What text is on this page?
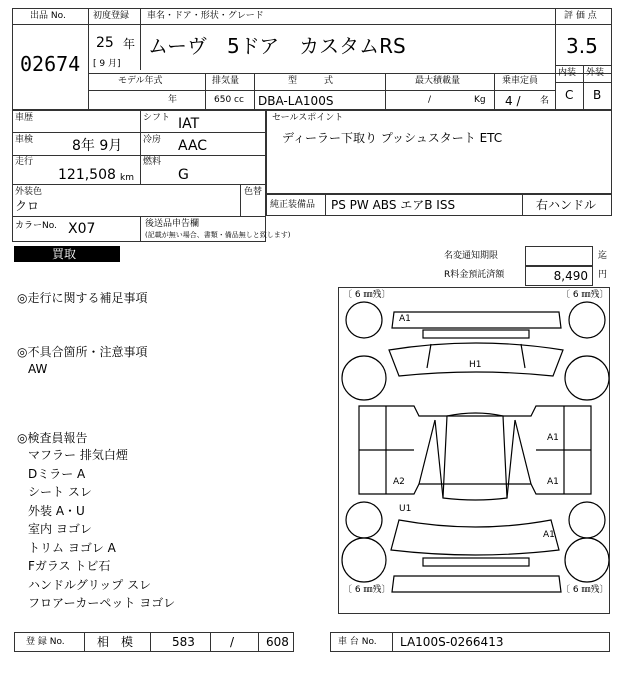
出品 No.
02674
初度登録
25 年
[ 9 月]
車名・ドア・形状・グレード
ムーヴ　5ドア　カスタムRS
評 価 点
3.5
内装 外装
C B
モデル年式
年
排気量
650 cc
型　　　式
DBA-LA100S
最大積載量
/	Kg
乗車定員
4 / 名
車歴	シフト IAT
車検	8年 9月 冷房 AAC
走行
121,508 km
燃料
G
セールスポイント
ディーラー下取り プッシュスタート ETC
外装色
クロ
色替
純正装備品 PS PW ABS エアB ISS	右ハンドル
カラーNo. X07	後送品申告欄
(記載が無い場合、書類・備品無しと致します)
買取	名変通知期限	迄
R料金預託済額	8,490 円
◎走行に関する補足事項
◎不具合箇所・注意事項
AW
◎検査員報告
マフラー 排気白煙
Dミラー A
シート スレ
外装 A・U
室内 ヨゴレ
トリム ヨゴレ A
Fガラス トビ石
ハンドルグリップ スレ
フロアーカーペット ヨゴレ
〔 6 ㎜残〕	〔 6 ㎜残〕
〔 6 ㎜残〕	〔 6 ㎜残〕
A1
H1
A1
A2	A1
U1
A1
登 録 No.	相　模	583	/	608	車 台 No. LA100S-0266413
